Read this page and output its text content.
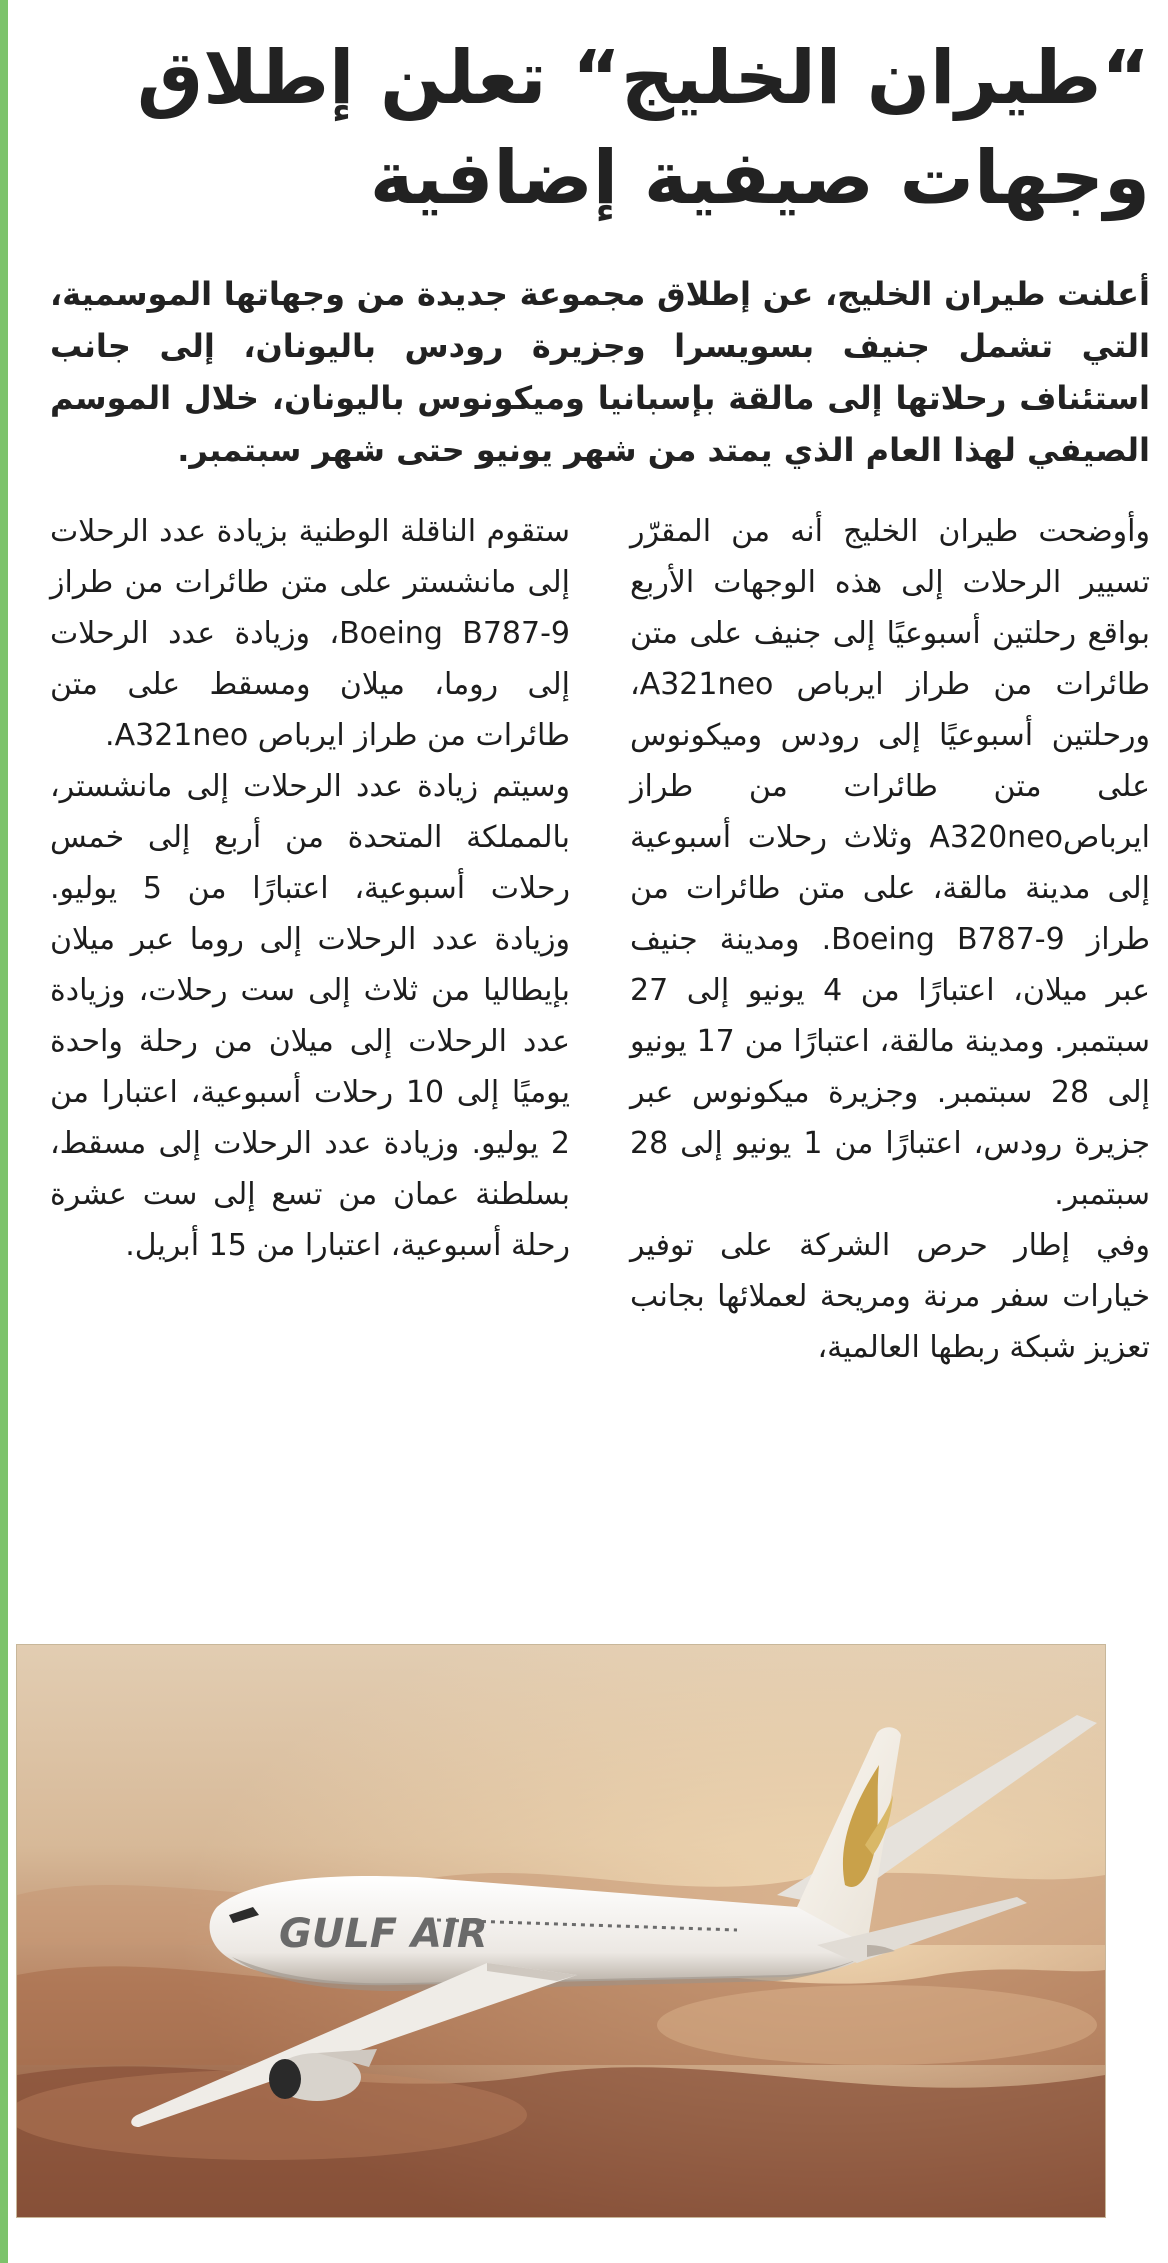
“طيران الخليج“ تعلن إطلاق وجهات صيفية إضافية

أعلنت طيران الخليج، عن إطلاق مجموعة جديدة من وجهاتها الموسمية، التي تشمل جنيف بسويسرا وجزيرة رودس باليونان، إلى جانب استئناف رحلاتها إلى مالقة بإسبانيا وميكونوس باليونان، خلال الموسم الصيفي لهذا العام الذي يمتد من شهر يونيو حتى شهر سبتمبر.

وأوضحت طيران الخليج أنه من المقرّر تسيير الرحلات إلى هذه الوجهات الأربع بواقع رحلتين أسبوعيًا إلى جنيف على متن طائرات من طراز ايرباص A321neo، ورحلتين أسبوعيًا إلى رودس وميكونوس على متن طائرات من طراز ايرباصA320neo وثلاث رحلات أسبوعية إلى مدينة مالقة، على متن طائرات من طراز Boeing B787-9. ومدينة جنيف عبر ميلان، اعتبارًا من 4 يونيو إلى 27 سبتمبر. ومدينة مالقة، اعتبارًا من 17 يونيو إلى 28 سبتمبر. وجزيرة ميكونوس عبر جزيرة رودس، اعتبارًا من 1 يونيو إلى 28 سبتمبر.

وفي إطار حرص الشركة على توفير خيارات سفر مرنة ومريحة لعملائها بجانب تعزيز شبكة ربطها العالمية،

ستقوم الناقلة الوطنية بزيادة عدد الرحلات إلى مانشستر على متن طائرات من طراز Boeing B787-9، وزيادة عدد الرحلات إلى روما، ميلان ومسقط على متن طائرات من طراز ايرباص A321neo.

وسيتم زيادة عدد الرحلات إلى مانشستر، بالمملكة المتحدة من أربع إلى خمس رحلات أسبوعية، اعتبارًا من 5 يوليو. وزيادة عدد الرحلات إلى روما عبر ميلان بإيطاليا من ثلاث إلى ست رحلات، وزيادة عدد الرحلات إلى ميلان من رحلة واحدة يوميًا إلى 10 رحلات أسبوعية، اعتبارا من 2 يوليو. وزيادة عدد الرحلات إلى مسقط، بسلطنة عمان من تسع إلى ست عشرة رحلة أسبوعية، اعتبارا من 15 أبريل.

GULF AIR
